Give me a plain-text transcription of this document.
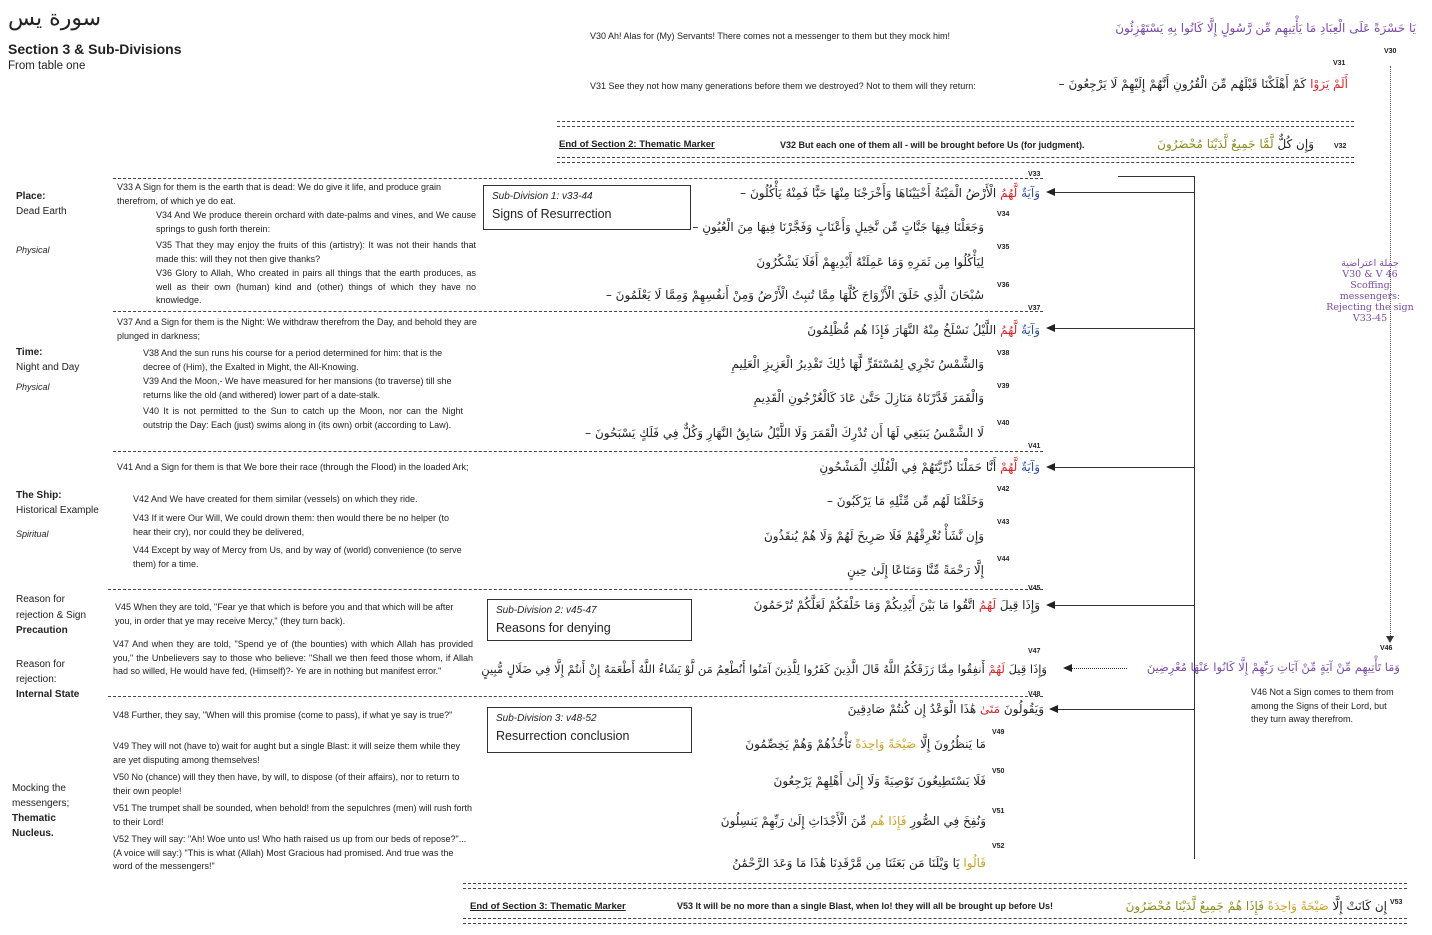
سورة يس
Section 3 & Sub-Divisions
From table one
V30 Ah! Alas for (My) Servants! There comes not a messenger to them but they mock him!
يَا حَسْرَةً عَلَى الْعِبَادِ مَا يَأْتِيهِم مِّن رَّسُولٍ إِلَّا كَانُوا بِهِ يَسْتَهْزِئُونَ
V30
V31
V31 See they not how many generations before them we destroyed? Not to them will they return:	أَلَمْ يَرَوْا كَمْ أَهْلَكْنَا قَبْلَهُم مِّنَ الْقُرُونِ أَنَّهُمْ إِلَيْهِمْ لَا يَرْجِعُونَ –
End of Section 2: Thematic Marker	V32 But each one of them all - will be brought before Us (for judgment).	وَإِن كُلٌّ لَّمَّا جَمِيعٌ لَّدَيْنَا مُحْضَرُونَ	V32
Place:
Dead Earth
Physical
Time:
Night and Day
Physical
The Ship:
Historical Example
Spiritual
Reason for
rejection & Sign
Precaution
Reason for
rejection:
Internal State
Mocking the
messengers;
Thematic
Nucleus.
V33 A Sign for them is the earth that is dead: We do give it life, and produce grain therefrom, of which ye do eat.
V34 And We produce therein orchard with date-palms and vines, and We cause springs to gush forth therein:
V35 That they may enjoy the fruits of this (artistry): It was not their hands that made this: will they not then give thanks?
V36 Glory to Allah, Who created in pairs all things that the earth produces, as well as their own (human) kind and (other) things of which they have no knowledge.
V37 And a Sign for them is the Night: We withdraw therefrom the Day, and behold they are plunged in darkness;
V38 And the sun runs his course for a period determined for him: that is the decree of (Him), the Exalted in Might, the All-Knowing.
V39 And the Moon,- We have measured for her mansions (to traverse) till she returns like the old (and withered) lower part of a date-stalk.
V40 It is not permitted to the Sun to catch up the Moon, nor can the Night outstrip the Day: Each (just) swims along in (its own) orbit (according to Law).
V41 And a Sign for them is that We bore their race (through the Flood) in the loaded Ark;
V42 And We have created for them similar (vessels) on which they ride.
V43 If it were Our Will, We could drown them: then would there be no helper (to hear their cry), nor could they be delivered,
V44 Except by way of Mercy from Us, and by way of (world) convenience (to serve them) for a time.
V45 When they are told, "Fear ye that which is before you and that which will be after you, in order that ye may receive Mercy," (they turn back).
V47 And when they are told, "Spend ye of (the bounties) with which Allah has provided you," the Unbelievers say to those who believe: "Shall we then feed those whom, if Allah had so willed, He would have fed, (Himself)?- Ye are in nothing but manifest error."
V48 Further, they say, "When will this promise (come to pass), if what ye say is true?"
V49 They will not (have to) wait for aught but a single Blast: it will seize them while they are yet disputing among themselves!
V50 No (chance) will they then have, by will, to dispose (of their affairs), nor to return to their own people!
V51 The trumpet shall be sounded, when behold! from the sepulchres (men) will rush forth to their Lord!
V52 They will say: "Ah! Woe unto us! Who hath raised us up from our beds of repose?"... (A voice will say:) "This is what (Allah) Most Gracious had promised. And true was the word of the messengers!"
Sub-Division 1: v33-44
Signs of Resurrection
Sub-Division 2: v45-47
Reasons for denying
Sub-Division 3: v48-52
Resurrection conclusion
وَآيَةٌ لَّهُمُ الْأَرْضُ الْمَيْتَةُ أَحْيَيْنَاهَا وَأَخْرَجْنَا مِنْهَا حَبًّا فَمِنْهُ يَأْكُلُونَ –
وَجَعَلْنَا فِيهَا جَنَّاتٍ مِّن نَّخِيلٍ وَأَعْنَابٍ وَفَجَّرْنَا فِيهَا مِنَ الْعُيُونِ –
لِيَأْكُلُوا مِن ثَمَرِهِ وَمَا عَمِلَتْهُ أَيْدِيهِمْ أَفَلَا يَشْكُرُونَ
سُبْحَانَ الَّذِي خَلَقَ الْأَزْوَاجَ كُلَّهَا مِمَّا تُنبِتُ الْأَرْضُ وَمِنْ أَنفُسِهِمْ وَمِمَّا لَا يَعْلَمُونَ –
وَآيَةٌ لَّهُمُ اللَّيْلُ نَسْلَخُ مِنْهُ النَّهَارَ فَإِذَا هُم مُّظْلِمُونَ
وَالشَّمْسُ تَجْرِي لِمُسْتَقَرٍّ لَّهَا ذَٰلِكَ تَقْدِيرُ الْعَزِيزِ الْعَلِيمِ
وَالْقَمَرَ قَدَّرْنَاهُ مَنَازِلَ حَتَّىٰ عَادَ كَالْعُرْجُونِ الْقَدِيمِ
لَا الشَّمْسُ يَنبَغِي لَهَا أَن تُدْرِكَ الْقَمَرَ وَلَا اللَّيْلُ سَابِقُ النَّهَارِ وَكُلٌّ فِي فَلَكٍ يَسْبَحُونَ –
وَآيَةٌ لَّهُمْ أَنَّا حَمَلْنَا ذُرِّيَّتَهُمْ فِي الْفُلْكِ الْمَشْحُونِ
وَخَلَقْنَا لَهُم مِّن مِّثْلِهِ مَا يَرْكَبُونَ –
وَإِن نَّشَأْ نُغْرِقْهُمْ فَلَا صَرِيخَ لَهُمْ وَلَا هُمْ يُنقَذُونَ
إِلَّا رَحْمَةً مِّنَّا وَمَتَاعًا إِلَىٰ حِينٍ
وَإِذَا قِيلَ لَهُمُ اتَّقُوا مَا بَيْنَ أَيْدِيكُمْ وَمَا خَلْفَكُمْ لَعَلَّكُمْ تُرْحَمُونَ
وَإِذَا قِيلَ لَهُمْ أَنفِقُوا مِمَّا رَزَقَكُمُ اللَّهُ قَالَ الَّذِينَ كَفَرُوا لِلَّذِينَ آمَنُوا أَنُطْعِمُ مَن لَّوْ يَشَاءُ اللَّهُ أَطْعَمَهُ إِنْ أَنتُمْ إِلَّا فِي ضَلَالٍ مُّبِينٍ
وَيَقُولُونَ مَتَىٰ هَٰذَا الْوَعْدُ إِن كُنتُمْ صَادِقِينَ
مَا يَنظُرُونَ إِلَّا صَيْحَةً وَاحِدَةً تَأْخُذُهُمْ وَهُمْ يَخِصِّمُونَ
فَلَا يَسْتَطِيعُونَ تَوْصِيَةً وَلَا إِلَىٰ أَهْلِهِمْ يَرْجِعُونَ
وَنُفِخَ فِي الصُّورِ فَإِذَا هُم مِّنَ الْأَجْدَاثِ إِلَىٰ رَبِّهِمْ يَنسِلُونَ
قَالُوا يَا وَيْلَنَا مَن بَعَثَنَا مِن مَّرْقَدِنَا هَٰذَا مَا وَعَدَ الرَّحْمَٰنُ
V33
V34
V35
V36
V37
V38
V39
V40
V41
V42
V43
V44
V45
V46
V47
V48
V49
V50
V51
V52
جملة اعتراضية
V30 & V 46
Scoffing messengers:
Rejecting the sign
V33-45
وَمَا تَأْتِيهِم مِّنْ آيَةٍ مِّنْ آيَاتِ رَبِّهِمْ إِلَّا كَانُوا عَنْهَا مُعْرِضِينَ
V46 Not a Sign comes to them from among the Signs of their Lord, but they turn away therefrom.
End of Section 3: Thematic Marker	V53 It will be no more than a single Blast, when lo! they will all be brought up before Us!	إِن كَانَتْ إِلَّا صَيْحَةً وَاحِدَةً فَإِذَا هُمْ جَمِيعٌ لَّدَيْنَا مُحْضَرُونَ	V53
